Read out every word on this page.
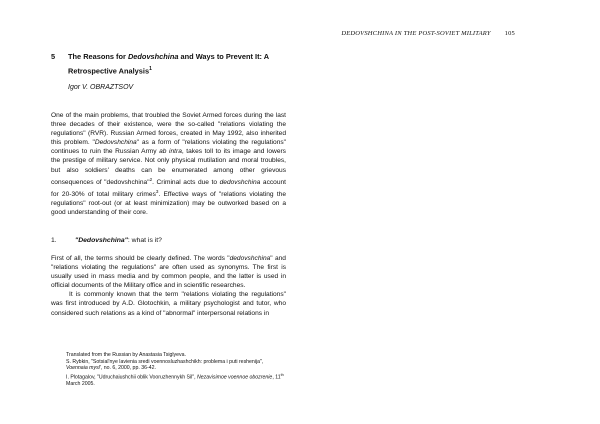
DEDOVSHCHINA IN THE POST-SOVIET MILITARY 105
5 The Reasons for Dedovshchina and Ways to Prevent It: A
Retrospective Analysis$^1$
Igor V. OBRAZTSOV

One of the main problems, that troubled the Soviet Armed forces during the last three decades of their existence, were the so-called "relations violating the regulations" (RVR). Russian Armed forces, created in May 1992, also inherited this problem. "Dedovshchina" as a form of "relations violating the regulations" continues to ruin the Russian Army ab intra, takes toll to its image and lowers the prestige of military service. Not only physical mutilation and moral troubles, but also soldiers' deaths can be enumerated among other grievous consequences of "dedovshchina"$^2$. Criminal acts due to dedovshchina account for 20-30% of total military crimes$^3$. Effective ways of "relations violating the regulations" root-out (or at least minimization) may be outworked based on a good understanding of their core.

1.	"Dedovshchina": what is it?

First of all, the terms should be clearly defined. The words "dedovshchina" and "relations violating the regulations" are often used as synonyms. The first is usually used in mass media and by common people, and the latter is used in official documents of the Military office and in scientific researches.

It is commonly known that the term "relations violating the regulations" was first introduced by A.D. Glotochkin, a military psychologist and tutor, who considered such relations as a kind of "abnormal" interpersonal relations in

Translated from the Russian by Anastasia Tsiglyeva.
S. Rybkin, "Sotsial'nye lavienia sredi voennosluzhashchikh: problema i puti reshenija", Voennaia mysl', no. 6, 2000, pp. 36-42.
I. Plotagalov, "Udruchaiushchii oblik Vooruzhennykh Sil", Nezavisimoe voennoe obozrenie, 11th March 2005.
